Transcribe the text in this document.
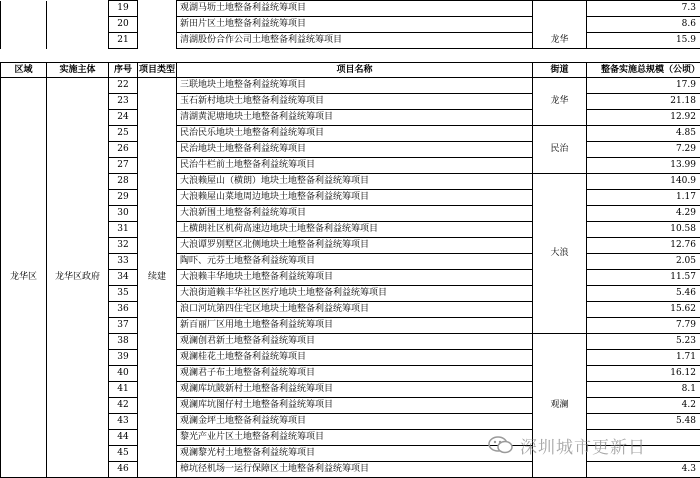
		19		观湖马坜土地整备利益统筹项目		7.3
		20		新田片区土地整备利益统筹项目		8.6
		21		清湖股份合作公司土地整备利益统筹项目	龙华	15.9
区域	实施主体	序号	项目类型	项目名称	街道	整备实施总规模（公顷）
龙华区	龙华区政府	22	续建	三联地块土地整备利益统筹项目	龙华	17.9
		23		玉石新村地块土地整备利益统筹项目		21.18
		24		清湖黄泥塘地块土地整备利益统筹项目		12.92
		25		民治民乐地块土地整备利益统筹项目	民治	4.85
		26		民治地块土地整备利益统筹项目		7.29
		27		民治牛栏前土地整备利益统筹项目		13.99
		28		大浪赖屋山（横朗）地块土地整备利益统筹项目	大浪	140.9
		29		大浪赖屋山菜地周边地块土地整备利益统筹项目		1.17
		30		大浪新围土地整备利益统筹项目		4.29
		31		上横朗社区机荷高速边地块土地整备利益统筹项目		10.58
		32		大浪谭罗别墅区北侧地块土地整备利益统筹项目		12.76
		33		陶吓、元芬土地整备利益统筹项目		2.05
		34		大浪赖丰华地块土地整备利益统筹项目		11.57
		35		大浪街道赖丰华社区医疗地块土地整备利益统筹项目		5.46
		36		浪口河坑第四住宅区地块土地整备利益统筹项目		15.62
		37		新百丽厂区用地土地整备利益统筹项目		7.79
		38		观澜创君新土地整备利益统筹项目	观澜	5.23
		39		观澜桂花土地整备利益统筹项目		1.71
		40		观澜君子布土地整备利益统筹项目		16.12
		41		观澜库坑陂新村土地整备利益统筹项目		8.1
		42		观澜库坑图仔村土地整备利益统筹项目		4.2
		43		观澜金坪土地整备利益统筹项目		5.48
		44		黎光产业片区土地整备利益统筹项目		
		45		观澜黎光村土地整备利益统筹项目		
		46		樟坑径机场一运行保障区土地整备利益统筹项目		4.3
深圳城市更新日
